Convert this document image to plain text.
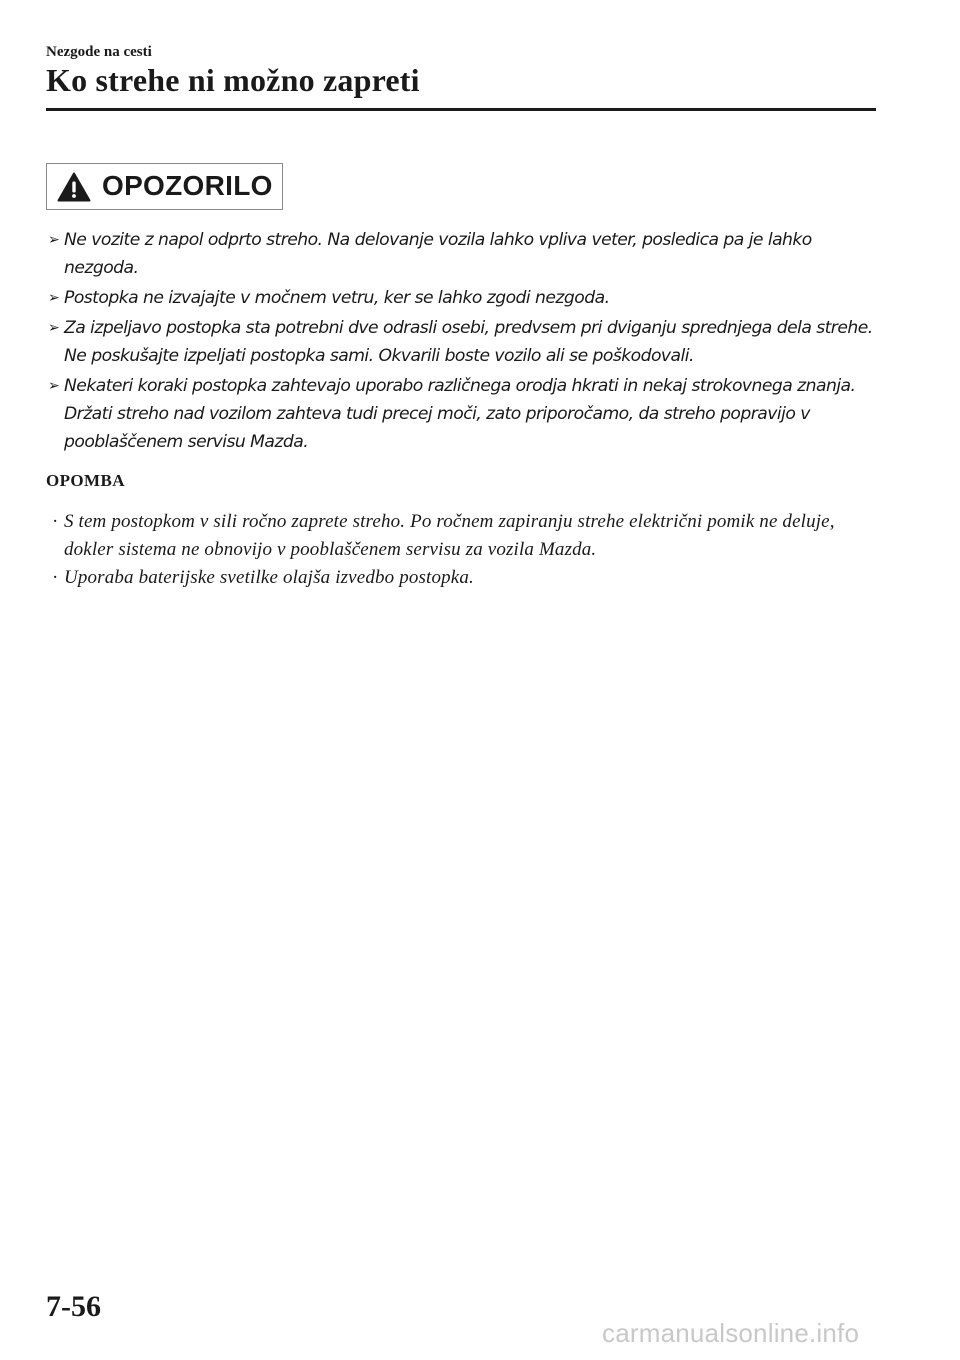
Nezgode na cesti
Ko strehe ni možno zapreti
OPOZORILO
➢ Ne vozite z napol odprto streho. Na delovanje vozila lahko vpliva veter, posledica pa je lahko nezgoda.
➢ Postopka ne izvajajte v močnem vetru, ker se lahko zgodi nezgoda.
➢ Za izpeljavo postopka sta potrebni dve odrasli osebi, predvsem pri dviganju sprednjega dela strehe. Ne poskušajte izpeljati postopka sami. Okvarili boste vozilo ali se poškodovali.
➢ Nekateri koraki postopka zahtevajo uporabo različnega orodja hkrati in nekaj strokovnega znanja. Držati streho nad vozilom zahteva tudi precej moči, zato priporočamo, da streho popravijo v pooblaščenem servisu Mazda.
OPOMBA
· S tem postopkom v sili ročno zaprete streho. Po ročnem zapiranju strehe električni pomik ne deluje, dokler sistema ne obnovijo v pooblaščenem servisu za vozila Mazda.
· Uporaba baterijske svetilke olajša izvedbo postopka.
7-56
carmanualsonline.info
